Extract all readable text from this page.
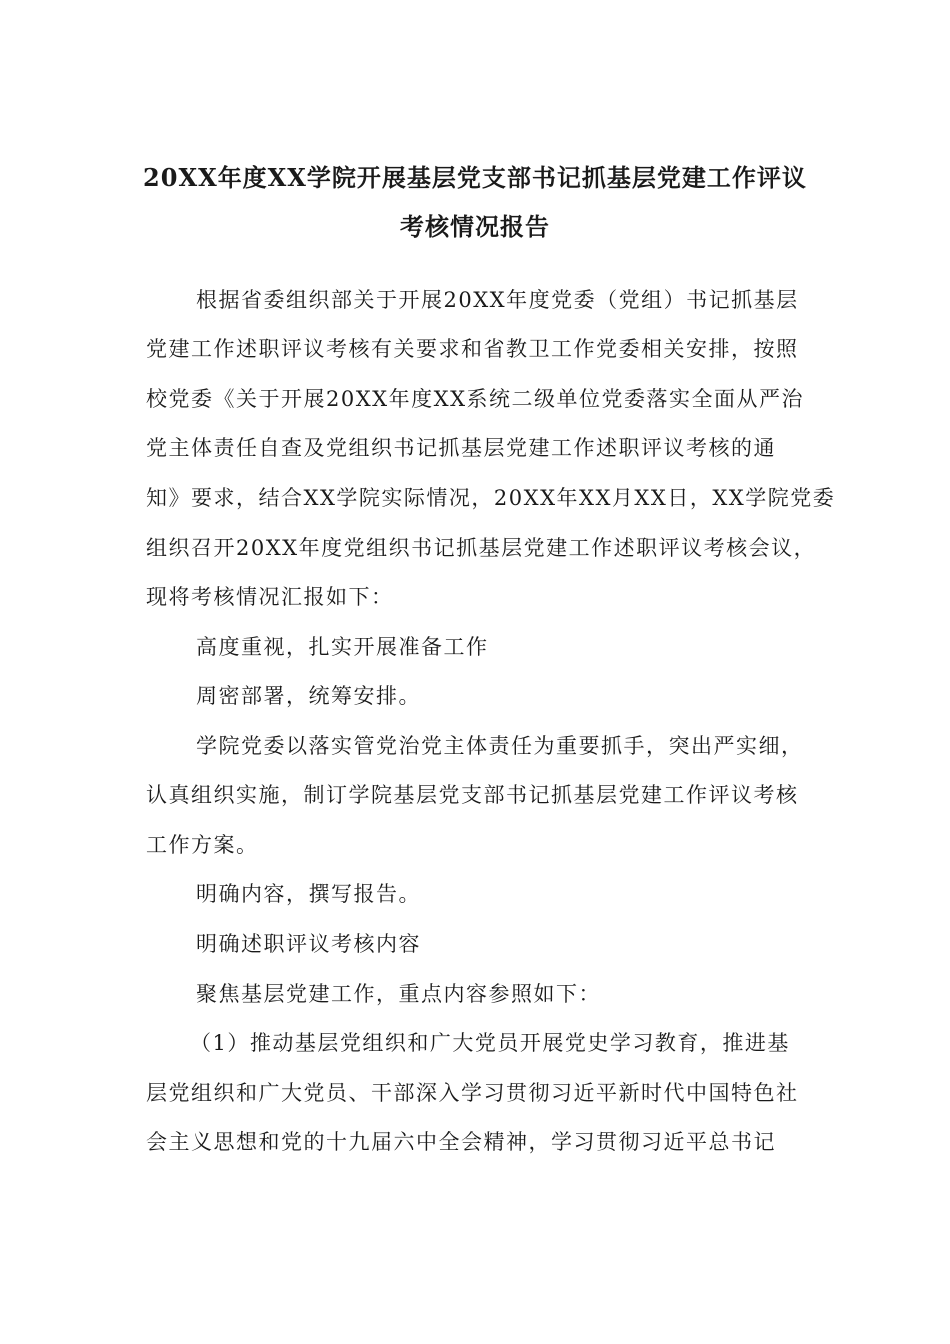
20XX年度XX学院开展基层党支部书记抓基层党建工作评议
考核情况报告
根据省委组织部关于开展20XX年度党委（党组）书记抓基层
党建工作述职评议考核有关要求和省教卫工作党委相关安排，按照
校党委《关于开展20XX年度XX系统二级单位党委落实全面从严治
党主体责任自查及党组织书记抓基层党建工作述职评议考核的通
知》要求，结合XX学院实际情况，20XX年XX月XX日，XX学院党委
组织召开20XX年度党组织书记抓基层党建工作述职评议考核会议，
现将考核情况汇报如下：
高度重视，扎实开展准备工作
周密部署，统筹安排。
学院党委以落实管党治党主体责任为重要抓手，突出严实细，
认真组织实施，制订学院基层党支部书记抓基层党建工作评议考核
工作方案。
明确内容，撰写报告。
明确述职评议考核内容
聚焦基层党建工作，重点内容参照如下：
（1）推动基层党组织和广大党员开展党史学习教育，推进基
层党组织和广大党员、干部深入学习贯彻习近平新时代中国特色社
会主义思想和党的十九届六中全会精神，学习贯彻习近平总书记
